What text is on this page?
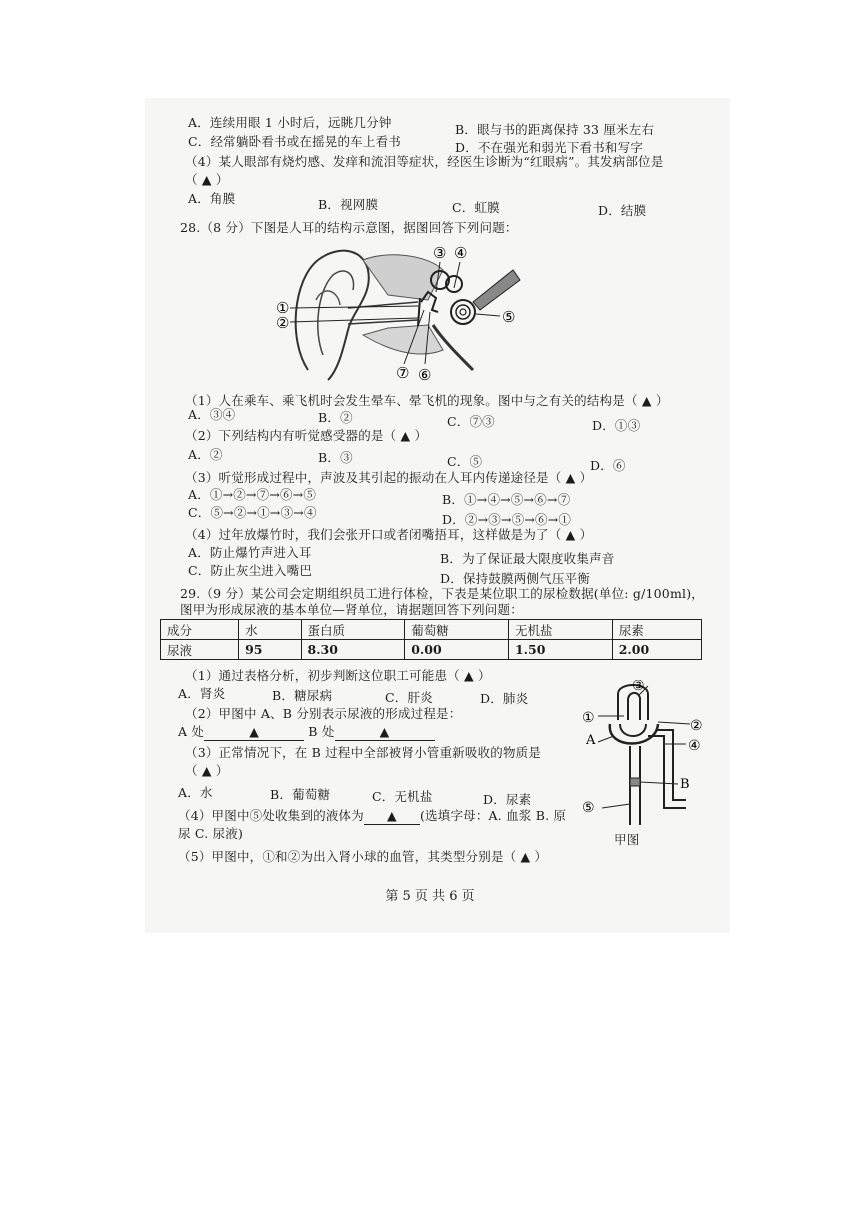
A．连续用眼 1 小时后，远眺几分钟	B．眼与书的距离保持 33 厘米左右
C．经常躺卧看书或在摇晃的车上看书	D．不在强光和弱光下看书和写字
（4）某人眼部有烧灼感、发痒和流泪等症状，经医生诊断为“红眼病”。其发病部位是
（ ▲ ）
A．角膜	B．视网膜	C．虹膜	D．结膜
28.（8 分）下图是人耳的结构示意图，据图回答下列问题：
①
②
③ ④
⑤
⑥
⑦
（1）人在乘车、乘飞机时会发生晕车、晕飞机的现象。图中与之有关的结构是（ ▲ ）
A．③④	B．②	C．⑦③	D．①③
（2）下列结构内有听觉感受器的是（ ▲ ）
A．②	B．③	C．⑤	D．⑥
（3）听觉形成过程中，声波及其引起的振动在人耳内传递途径是（ ▲ ）
A．①→②→⑦→⑥→⑤	B．①→④→⑤→⑥→⑦
C．⑤→②→①→③→④	D．②→③→⑤→⑥→①
（4）过年放爆竹时，我们会张开口或者闭嘴捂耳，这样做是为了（ ▲ ）
A．防止爆竹声进入耳	B．为了保证最大限度收集声音
C．防止灰尘进入嘴巴
D．保持鼓膜两侧气压平衡
29.（9 分）某公司会定期组织员工进行体检，下表是某位职工的尿检数据(单位: g/100ml)，
图甲为形成尿液的基本单位—肾单位，请据题回答下列问题：
成分	水	蛋白质	葡萄糖	无机盐	尿素
尿液	95	8.30	0.00	1.50	2.00
（1）通过表格分析，初步判断这位职工可能患（ ▲ ）
A．肾炎	B．糖尿病	C．肝炎	D．肺炎
（2）甲图中 A、B 分别表示尿液的形成过程是：
A 处	▲	B 处	▲
（3）正常情况下，在 B 过程中全部被肾小管重新吸收的物质是
（ ▲ ）
A．水	B．葡萄糖	C．无机盐	D．尿素
（4）甲图中⑤处收集到的液体为 ▲ (选填字母：A. 血浆 B. 原
尿 C. 尿液)
（5）甲图中，①和②为出入肾小球的血管，其类型分别是（ ▲ ）
①	②
③
④
⑤
A
B
甲图
第 5 页 共 6 页
